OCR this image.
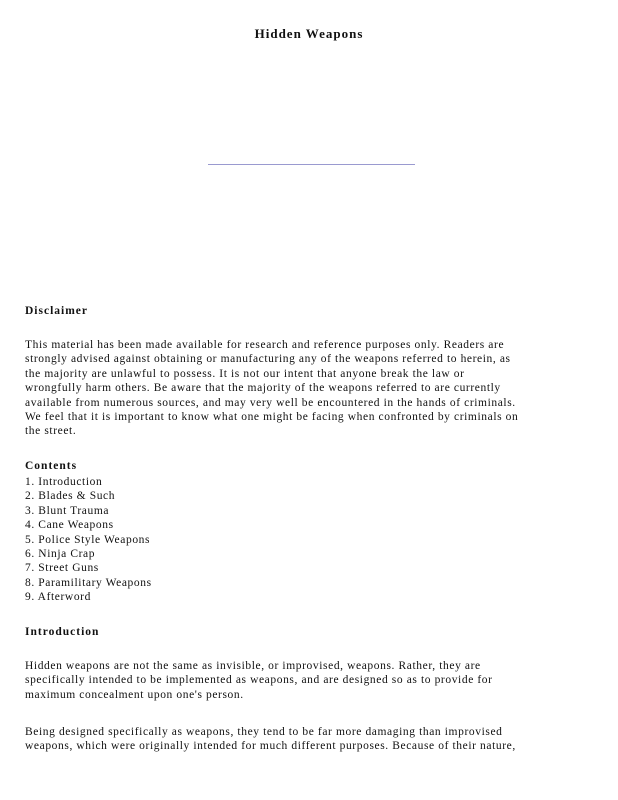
Hidden Weapons
Disclaimer

This material has been made available for research and reference purposes only. Readers are
strongly advised against obtaining or manufacturing any of the weapons referred to herein, as
the majority are unlawful to possess. It is not our intent that anyone break the law or
wrongfully harm others. Be aware that the majority of the weapons referred to are currently
available from numerous sources, and may very well be encountered in the hands of criminals.
We feel that it is important to know what one might be facing when confronted by criminals on
the street.

Contents
1. Introduction
2. Blades & Such
3. Blunt Trauma
4. Cane Weapons
5. Police Style Weapons
6. Ninja Crap
7. Street Guns
8. Paramilitary Weapons
9. Afterword
Introduction

Hidden weapons are not the same as invisible, or improvised, weapons. Rather, they are
specifically intended to be implemented as weapons, and are designed so as to provide for
maximum concealment upon one's person.

Being designed specifically as weapons, they tend to be far more damaging than improvised
weapons, which were originally intended for much different purposes. Because of their nature,
